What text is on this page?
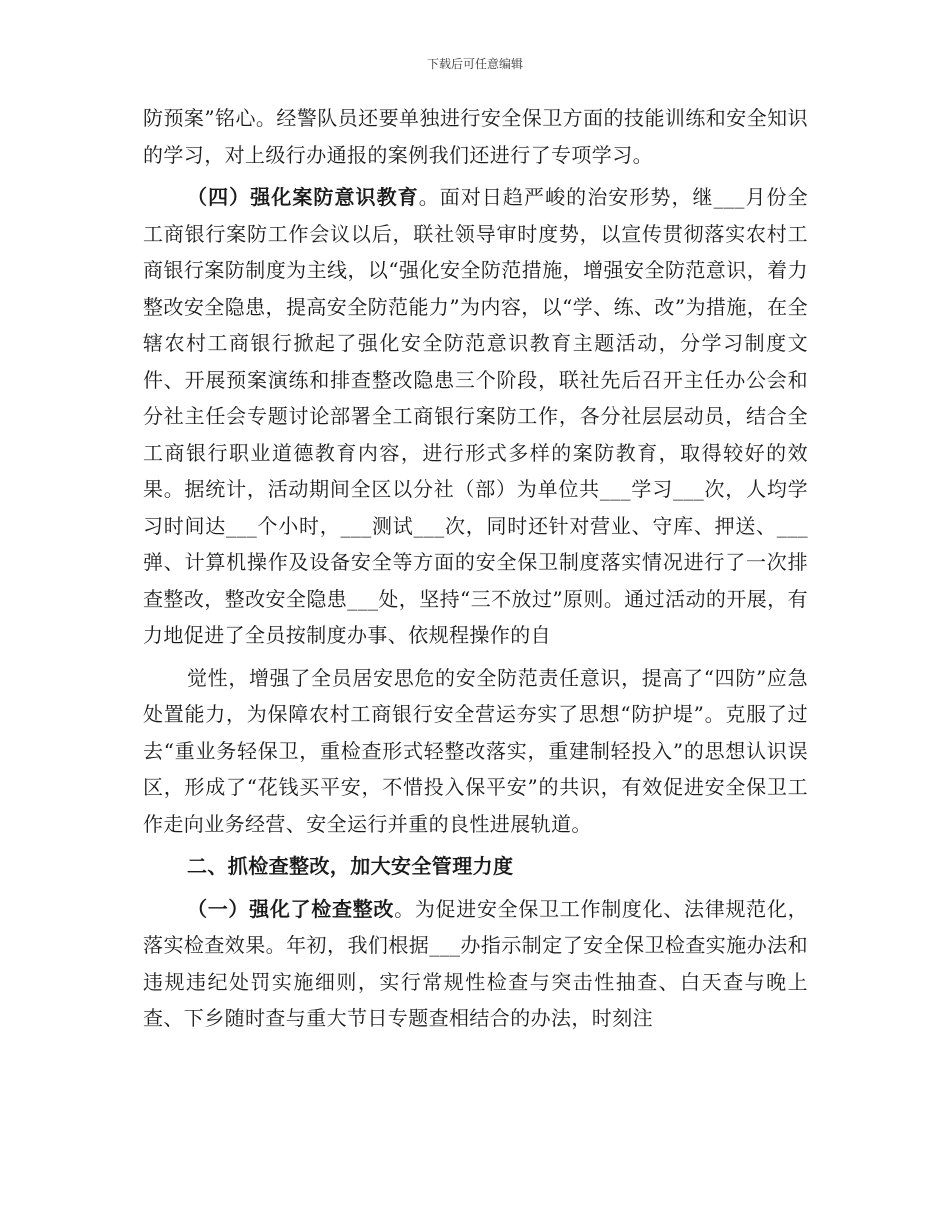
下载后可任意编辑

防预案”铭心。经警队员还要单独进行安全保卫方面的技能训练和安全知识的学习，对上级行办通报的案例我们还进行了专项学习。

（四）强化案防意识教育。面对日趋严峻的治安形势，继___月份全工商银行案防工作会议以后，联社领导审时度势，以宣传贯彻落实农村工商银行案防制度为主线，以“强化安全防范措施，增强安全防范意识，着力整改安全隐患，提高安全防范能力”为内容，以“学、练、改”为措施，在全辖农村工商银行掀起了强化安全防范意识教育主题活动，分学习制度文件、开展预案演练和排查整改隐患三个阶段，联社先后召开主任办公会和分社主任会专题讨论部署全工商银行案防工作，各分社层层动员，结合全工商银行职业道德教育内容，进行形式多样的案防教育，取得较好的效果。据统计，活动期间全区以分社（部）为单位共___学习___次，人均学习时间达___个小时，___测试___次，同时还针对营业、守库、押送、___弹、计算机操作及设备安全等方面的安全保卫制度落实情况进行了一次排查整改，整改安全隐患___处，坚持“三不放过”原则。通过活动的开展，有力地促进了全员按制度办事、依规程操作的自

觉性，增强了全员居安思危的安全防范责任意识，提高了“四防”应急处置能力，为保障农村工商银行安全营运夯实了思想“防护堤”。克服了过去“重业务轻保卫，重检查形式轻整改落实，重建制轻投入”的思想认识误区，形成了“花钱买平安，不惜投入保平安”的共识，有效促进安全保卫工作走向业务经营、安全运行并重的良性进展轨道。

二、抓检查整改，加大安全管理力度

（一）强化了检查整改。为促进安全保卫工作制度化、法律规范化，落实检查效果。年初，我们根据___办指示制定了安全保卫检查实施办法和违规违纪处罚实施细则，实行常规性检查与突击性抽查、白天查与晚上查、下乡随时查与重大节日专题查相结合的办法，时刻注
